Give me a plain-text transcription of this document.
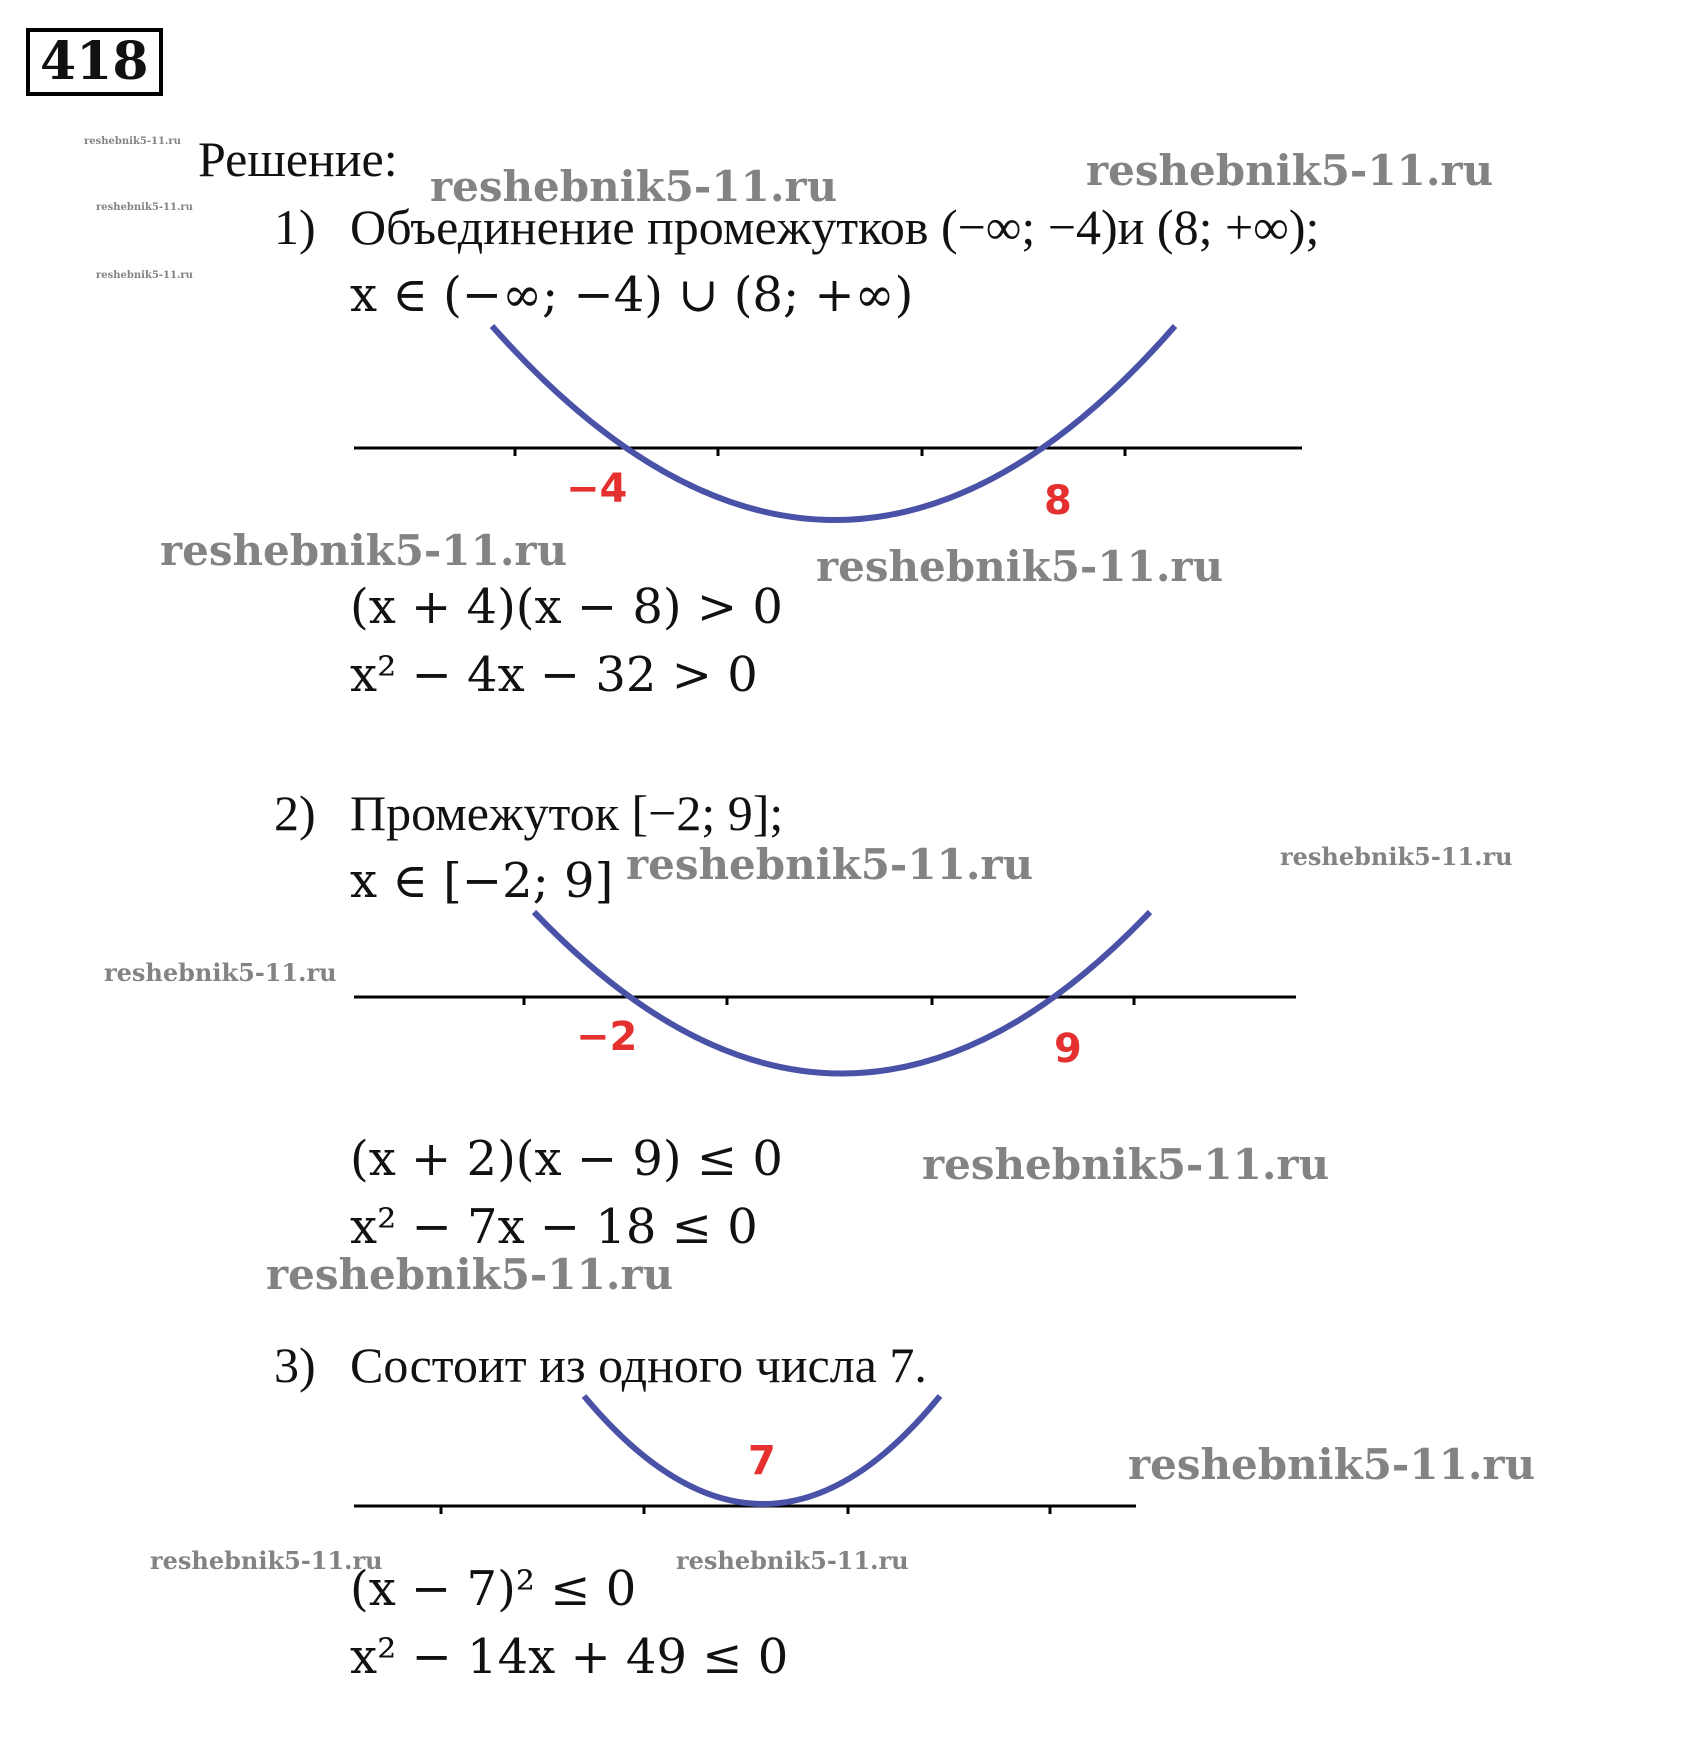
418
Решение:
1) Объединение промежутков (−∞; −4)и (8; +∞);
x ∈ (−∞; −4) ∪ (8; +∞)
−4	8
−2	9
7
(x + 4)(x − 8) > 0
x² − 4x − 32 > 0
2) Промежуток [−2; 9];
x ∈ [−2; 9]
(x + 2)(x − 9) ≤ 0
x² − 7x − 18 ≤ 0
3) Состоит из одного числа 7.
(x − 7)² ≤ 0
x² − 14x + 49 ≤ 0
reshebnik5-11.ru
reshebnik5-11.ru
reshebnik5-11.ru
reshebnik5-11.ru	reshebnik5-11.ru
reshebnik5-11.ru	reshebnik5-11.ru
reshebnik5-11.ru	reshebnik5-11.ru
reshebnik5-11.ru
reshebnik5-11.ru
reshebnik5-11.ru
reshebnik5-11.ru
reshebnik5-11.ru	reshebnik5-11.ru
